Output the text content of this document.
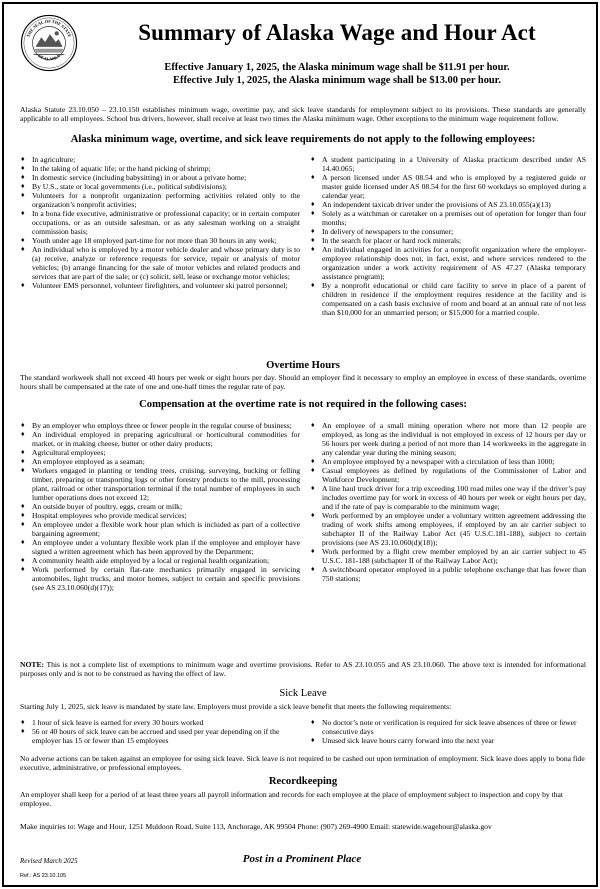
THE SEAL OF THE STATE
OF ALASKA
Summary of Alaska Wage and Hour Act
Effective January 1, 2025, the Alaska minimum wage shall be $11.91 per hour.
Effective July 1, 2025, the Alaska minimum wage shall be $13.00 per hour.
Alaska Statute 23.10.050 – 23.10.150 establishes minimum wage, overtime pay, and sick leave standards for employment subject to its provisions. These standards are generally applicable to all employees. School bus drivers, however, shall receive at least two times the Alaska minimum wage. Other exceptions to the minimum wage requirement follow.
Alaska minimum wage, overtime, and sick leave requirements do not apply to the following employees:
♦ In agriculture;
♦ In the taking of aquatic life; or the hand picking of shrimp;
♦ In domestic service (including babysitting) in or about a private home;
♦ By U.S., state or local governments (i.e., political subdivisions);
♦ Volunteers for a nonprofit organization performing activities related only to the organization’s nonprofit activities;
♦ In a bona fide executive, administrative or professional capacity; or in certain computer occupations, or as an outside salesman, or as any salesman working on a straight commission basis;
♦ Youth under age 18 employed part-time for not more than 30 hours in any week;
♦ An individual who is employed by a motor vehicle dealer and whose primary duty is to (a) receive, analyze or reference requests for service, repair or analysis of motor vehicles; (b) arrange financing for the sale of motor vehicles and related products and services that are part of the sale; or (c) solicit, sell, lease or exchange motor vehicles;
♦ Volunteer EMS personnel, volunteer firefighters, and volunteer ski patrol personnel;
♦ A student participating in a University of Alaska practicum described under AS 14.40.065;
♦ A person licensed under AS 08.54 and who is employed by a registered guide or master guide licensed under AS 08.54 for the first 60 workdays so employed during a calendar year;
♦ An independent taxicab driver under the provisions of AS 23.10.055(a)(13)
♦ Solely as a watchman or caretaker on a premises out of operation for longer than four months;
♦ In delivery of newspapers to the consumer;
♦ In the search for placer or hard rock minerals;
♦ An individual engaged in activities for a nonprofit organization where the employer-employee relationship does not, in fact, exist, and where services rendered to the organization under a work activity requirement of AS 47.27 (Alaska temporary assistance program);
♦ By a nonprofit educational or child care facility to serve in place of a parent of children in residence if the employment requires residence at the facility and is compensated on a cash basis exclusive of room and board at an annual rate of not less than $10,000 for an unmarried person; or $15,000 for a married couple.
Overtime Hours
The standard workweek shall not exceed 40 hours per week or eight hours per day. Should an employer find it necessary to employ an employee in excess of these standards, overtime hours shall be compensated at the rate of one and one-half times the regular rate of pay.
Compensation at the overtime rate is not required in the following cases:
♦ By an employer who employs three or fewer people in the regular course of business;
♦ An individual employed in preparing agricultural or horticultural commodities for market, or in making cheese, butter or other dairy products;
♦ Agricultural employees;
♦ An employee employed as a seaman;
♦ Workers engaged in planting or tending trees, cruising, surveying, bucking or felling timber, preparing or transporting logs or other forestry products to the mill, processing plant, railroad or other transportation terminal if the total number of employees in such lumber operations does not exceed 12;
♦ An outside buyer of poultry, eggs, cream or milk;
♦ Hospital employees who provide medical services;
♦ An employee under a flexible work hour plan which is included as part of a collective bargaining agreement;
♦ An employee under a voluntary flexible work plan if the employee and employer have signed a written agreement which has been approved by the Department;
♦ A community health aide employed by a local or regional health organization;
♦ Work performed by certain flat-rate mechanics primarily engaged in servicing automobiles, light trucks, and motor homes, subject to certain and specific provisions (see AS 23.10.060(d)(17));
♦ An employee of a small mining operation where not more than 12 people are employed, as long as the individual is not employed in excess of 12 hours per day or 56 hours per week during a period of not more than 14 workweeks in the aggregate in any calendar year during the mining season;
♦ An employee employed by a newspaper with a circulation of less than 1000;
♦ Casual employees as defined by regulations of the Commissioner of Labor and Workforce Development;
♦ A line haul truck driver for a trip exceeding 100 road miles one way if the driver’s pay includes overtime pay for work in excess of 40 hours per week or eight hours per day, and if the rate of pay is comparable to the minimum wage;
♦ Work performed by an employee under a voluntary written agreement addressing the trading of work shifts among employees, if employed by an air carrier subject to subchapter II of the Railway Labor Act (45 U.S.C.181-188), subject to certain provisions (see AS 23.10.060(d)(18));
♦ Work performed by a flight crew member employed by an air carrier subject to 45 U.S.C. 181-188 (subchapter II of the Railway Labor Act);
♦ A switchboard operator employed in a public telephone exchange that has fewer than 750 stations;
NOTE: This is not a complete list of exemptions to minimum wage and overtime provisions. Refer to AS 23.10.055 and AS 23.10.060. The above text is intended for informational purposes only and is not to be construed as having the effect of law.
Sick Leave
Starting July 1, 2025, sick leave is mandated by state law. Employers must provide a sick leave benefit that meets the following requirements:
♦ 1 hour of sick leave is earned for every 30 hours worked
♦ 56 or 40 hours of sick leave can be accrued and used per year depending on if the employer has 15 or fewer than 15 employees
♦ No doctor’s note or verification is required for sick leave absences of three or fewer consecutive days
♦ Unused sick leave hours carry forward into the next year
No adverse actions can be taken against an employee for using sick leave. Sick leave is not required to be cashed out upon termination of employment. Sick leave does apply to bona fide executive, administrative, or professional employees.
Recordkeeping
An employer shall keep for a period of at least three years all payroll information and records for each employee at the place of employment subject to inspection and copy by that employee.
Make inquiries to: Wage and Hour, 1251 Muldoon Road, Suite 113, Anchorage, AK 99504 Phone: (907) 269-4900 Email: statewide.wagehour@alaska.gov
Revised March 2025	Post in a Prominent Place
Ref.: AS 23.10.105
